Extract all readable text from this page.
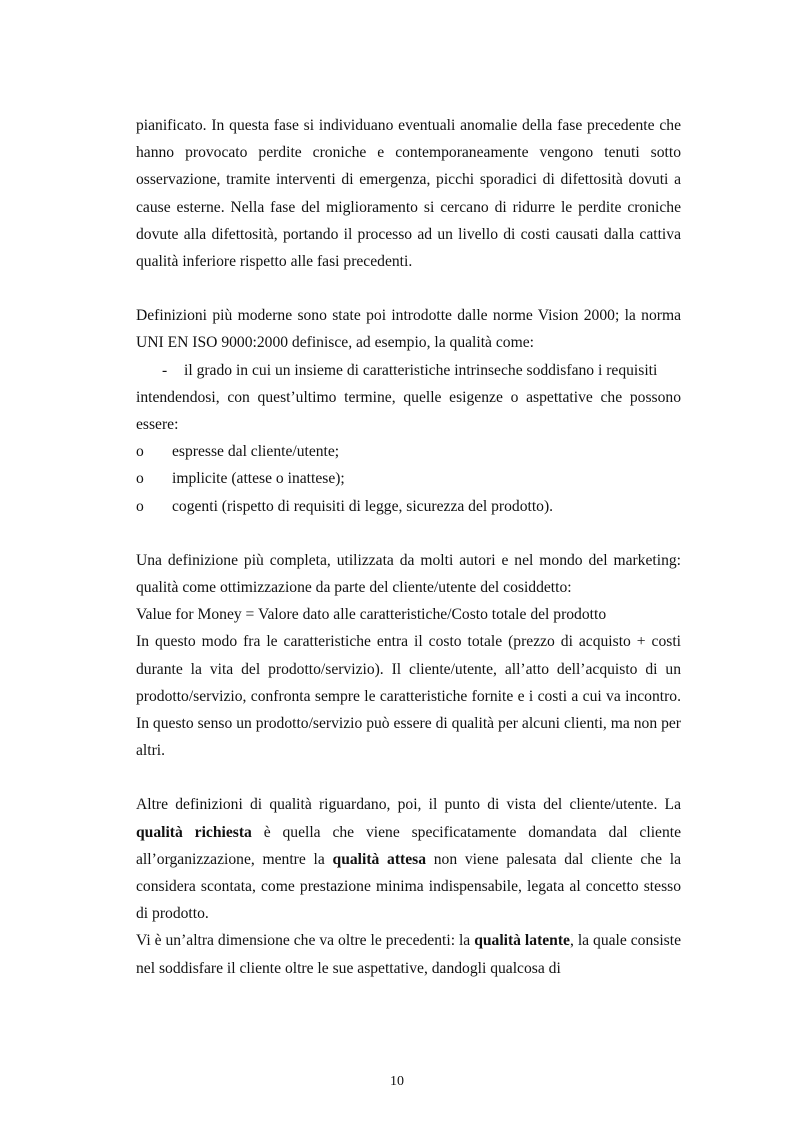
pianificato. In questa fase si individuano eventuali anomalie della fase precedente che hanno provocato perdite croniche e contemporaneamente vengono tenuti sotto osservazione, tramite interventi di emergenza, picchi sporadici di difettosità dovuti a cause esterne. Nella fase del miglioramento si cercano di ridurre le perdite croniche dovute alla difettosità, portando il processo ad un livello di costi causati dalla cattiva qualità inferiore rispetto alle fasi precedenti.

Definizioni più moderne sono state poi introdotte dalle norme Vision 2000; la norma UNI EN ISO 9000:2000 definisce, ad esempio, la qualità come:

-	il grado in cui un insieme di caratteristiche intrinseche soddisfano i requisiti

intendendosi, con quest’ultimo termine, quelle esigenze o aspettative che possono essere:

o	espresse dal cliente/utente;
o	implicite (attese o inattese);
o	cogenti (rispetto di requisiti di legge, sicurezza del prodotto).

Una definizione più completa, utilizzata da molti autori e nel mondo del marketing: qualità come ottimizzazione da parte del cliente/utente del cosiddetto:

Value for Money = Valore dato alle caratteristiche/Costo totale del prodotto

In questo modo fra le caratteristiche entra il costo totale (prezzo di acquisto + costi durante la vita del prodotto/servizio). Il cliente/utente, all’atto dell’acquisto di un prodotto/servizio, confronta sempre le caratteristiche fornite e i costi a cui va incontro. In questo senso un prodotto/servizio può essere di qualità per alcuni clienti, ma non per altri.

Altre definizioni di qualità riguardano, poi, il punto di vista del cliente/utente. La qualità richiesta è quella che viene specificatamente domandata dal cliente all’organizzazione, mentre la qualità attesa non viene palesata dal cliente che la considera scontata, come prestazione minima indispensabile, legata al concetto stesso di prodotto.

Vi è un’altra dimensione che va oltre le precedenti: la qualità latente, la quale consiste nel soddisfare il cliente oltre le sue aspettative, dandogli qualcosa di

10
